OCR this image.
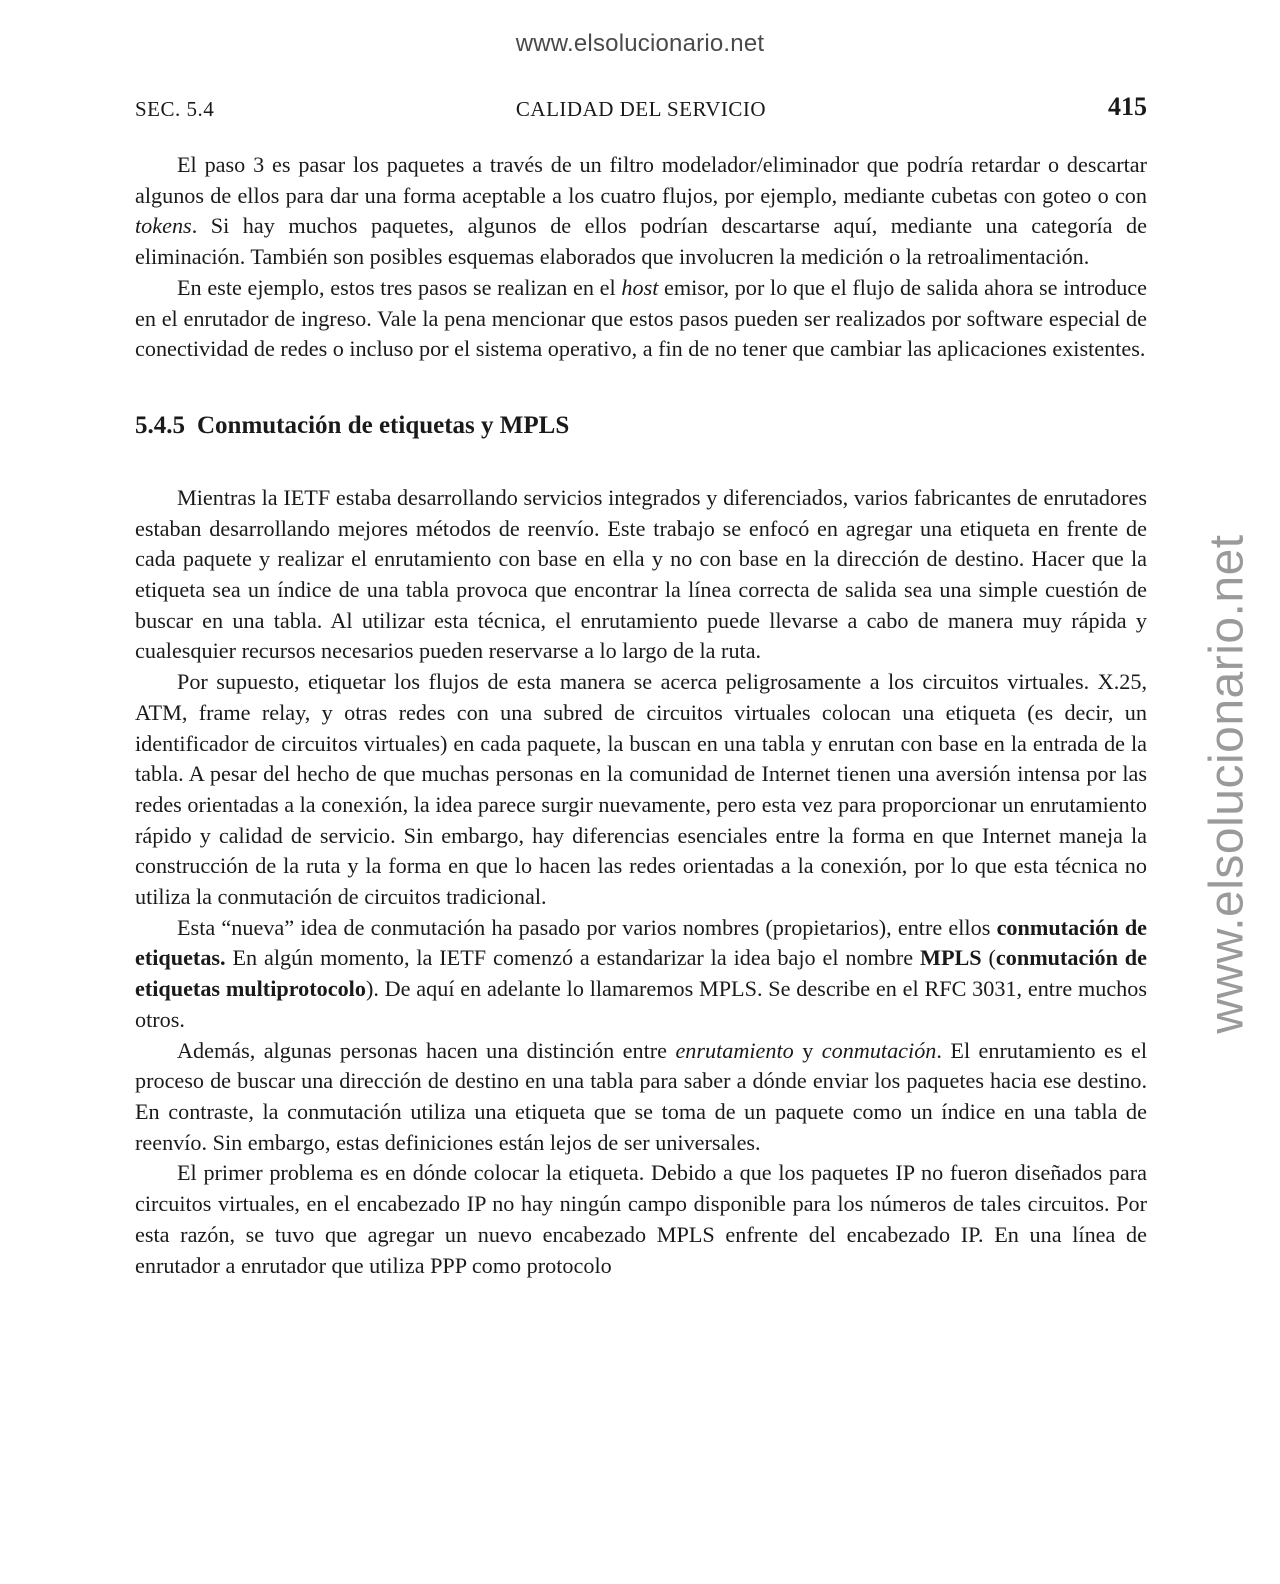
www.elsolucionario.net
www.elsolucionario.net
SEC. 5.4	CALIDAD DEL SERVICIO	415

El paso 3 es pasar los paquetes a través de un filtro modelador/eliminador que podría retardar o descartar algunos de ellos para dar una forma aceptable a los cuatro flujos, por ejemplo, mediante cubetas con goteo o con tokens. Si hay muchos paquetes, algunos de ellos podrían descartarse aquí, mediante una categoría de eliminación. También son posibles esquemas elaborados que involucren la medición o la retroalimentación.

En este ejemplo, estos tres pasos se realizan en el host emisor, por lo que el flujo de salida ahora se introduce en el enrutador de ingreso. Vale la pena mencionar que estos pasos pueden ser realizados por software especial de conectividad de redes o incluso por el sistema operativo, a fin de no tener que cambiar las aplicaciones existentes.

5.4.5 Conmutación de etiquetas y MPLS

Mientras la IETF estaba desarrollando servicios integrados y diferenciados, varios fabricantes de enrutadores estaban desarrollando mejores métodos de reenvío. Este trabajo se enfocó en agregar una etiqueta en frente de cada paquete y realizar el enrutamiento con base en ella y no con base en la dirección de destino. Hacer que la etiqueta sea un índice de una tabla provoca que encontrar la línea correcta de salida sea una simple cuestión de buscar en una tabla. Al utilizar esta técnica, el enrutamiento puede llevarse a cabo de manera muy rápida y cualesquier recursos necesarios pueden reservarse a lo largo de la ruta.

Por supuesto, etiquetar los flujos de esta manera se acerca peligrosamente a los circuitos virtuales. X.25, ATM, frame relay, y otras redes con una subred de circuitos virtuales colocan una etiqueta (es decir, un identificador de circuitos virtuales) en cada paquete, la buscan en una tabla y enrutan con base en la entrada de la tabla. A pesar del hecho de que muchas personas en la comunidad de Internet tienen una aversión intensa por las redes orientadas a la conexión, la idea parece surgir nuevamente, pero esta vez para proporcionar un enrutamiento rápido y calidad de servicio. Sin embargo, hay diferencias esenciales entre la forma en que Internet maneja la construcción de la ruta y la forma en que lo hacen las redes orientadas a la conexión, por lo que esta técnica no utiliza la conmutación de circuitos tradicional.

Esta “nueva” idea de conmutación ha pasado por varios nombres (propietarios), entre ellos conmutación de etiquetas. En algún momento, la IETF comenzó a estandarizar la idea bajo el nombre MPLS (conmutación de etiquetas multiprotocolo). De aquí en adelante lo llamaremos MPLS. Se describe en el RFC 3031, entre muchos otros.

Además, algunas personas hacen una distinción entre enrutamiento y conmutación. El enrutamiento es el proceso de buscar una dirección de destino en una tabla para saber a dónde enviar los paquetes hacia ese destino. En contraste, la conmutación utiliza una etiqueta que se toma de un paquete como un índice en una tabla de reenvío. Sin embargo, estas definiciones están lejos de ser universales.

El primer problema es en dónde colocar la etiqueta. Debido a que los paquetes IP no fueron diseñados para circuitos virtuales, en el encabezado IP no hay ningún campo disponible para los números de tales circuitos. Por esta razón, se tuvo que agregar un nuevo encabezado MPLS enfrente del encabezado IP. En una línea de enrutador a enrutador que utiliza PPP como protocolo
